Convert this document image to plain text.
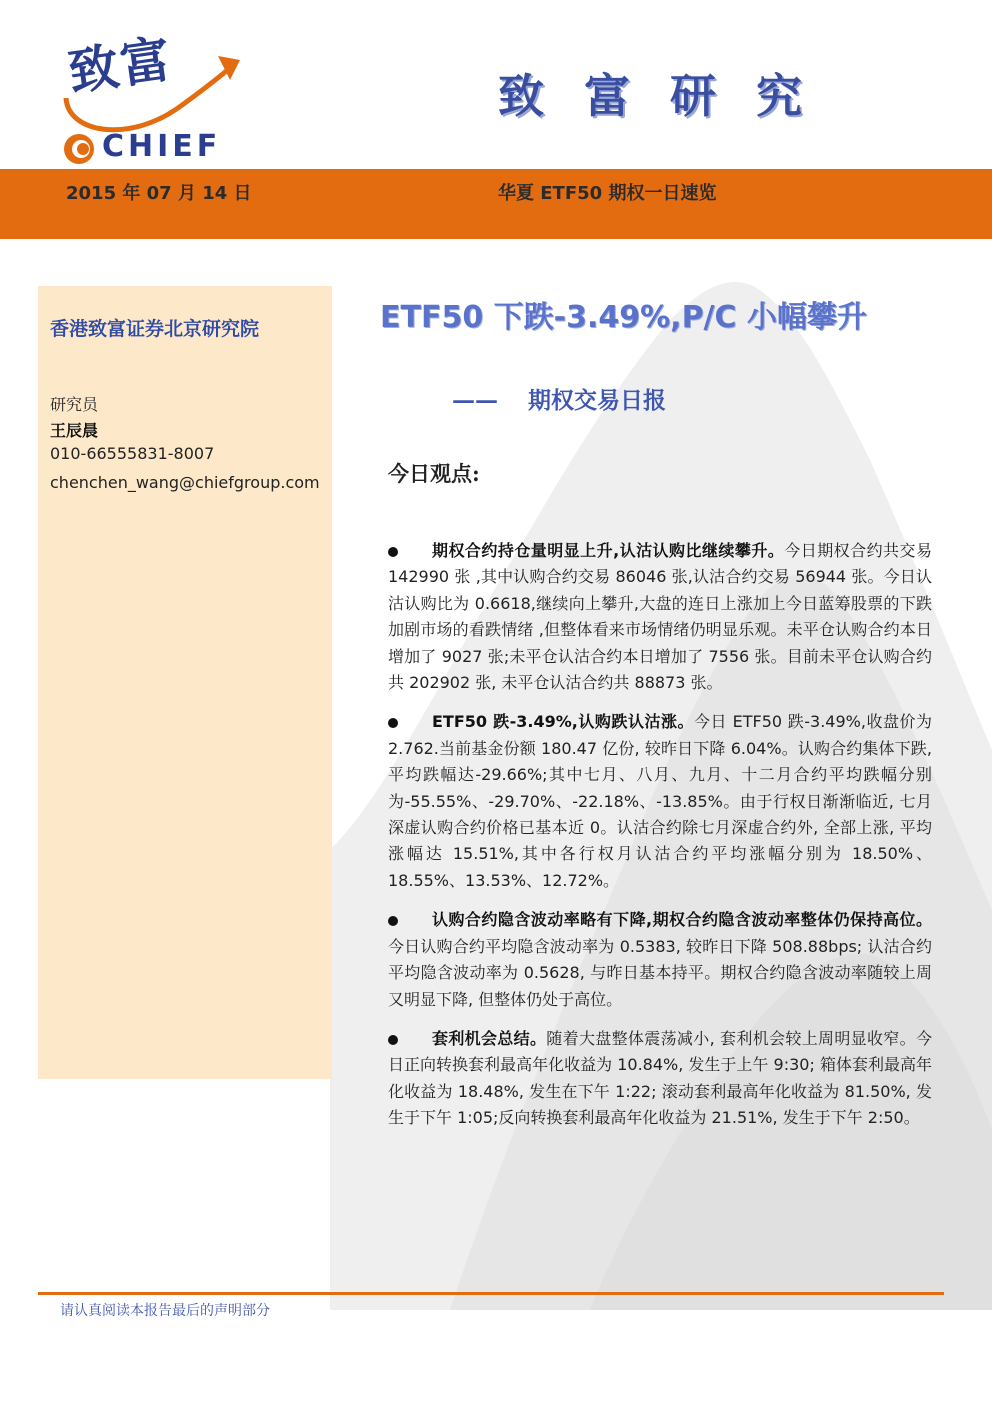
致富
CHIEF
致富研究
2015 年 07 月 14 日	华夏 ETF50 期权一日速览
香港致富证券北京研究院
研究员
王辰晨
010-66555831-8007
chenchen_wang@chiefgroup.com
ETF50 下跌-3.49%,P/C 小幅攀升
—— 期权交易日报
今日观点:
期权合约持仓量明显上升,认沽认购比继续攀升。今日期权合约共交易 142990 张 ,其中认购合约交易 86046 张,认沽合约交易 56944 张。今日认沽认购比为 0.6618,继续向上攀升,大盘的连日上涨加上今日蓝筹股票的下跌加剧市场的看跌情绪 ,但整体看来市场情绪仍明显乐观。未平仓认购合约本日增加了 9027 张;未平仓认沽合约本日增加了 7556 张。目前未平仓认购合约共 202902 张, 未平仓认沽合约共 88873 张。
ETF50 跌-3.49%,认购跌认沽涨。今日 ETF50 跌-3.49%,收盘价为 2.762.当前基金份额 180.47 亿份, 较昨日下降 6.04%。认购合约集体下跌,平均跌幅达-29.66%;其中七月、八月、九月、十二月合约平均跌幅分别为-55.55%、-29.70%、-22.18%、-13.85%。由于行权日渐渐临近, 七月深虚认购合约价格已基本近 0。认沽合约除七月深虚合约外, 全部上涨, 平均涨幅达 15.51%,其中各行权月认沽合约平均涨幅分别为 18.50%、18.55%、13.53%、12.72%。
认购合约隐含波动率略有下降,期权合约隐含波动率整体仍保持高位。今日认购合约平均隐含波动率为 0.5383, 较昨日下降 508.88bps; 认沽合约平均隐含波动率为 0.5628, 与昨日基本持平。期权合约隐含波动率随较上周又明显下降, 但整体仍处于高位。
套利机会总结。随着大盘整体震荡减小, 套利机会较上周明显收窄。今日正向转换套利最高年化收益为 10.84%, 发生于上午 9:30; 箱体套利最高年化收益为 18.48%, 发生在下午 1:22; 滚动套利最高年化收益为 81.50%, 发生于下午 1:05;反向转换套利最高年化收益为 21.51%, 发生于下午 2:50。
请认真阅读本报告最后的声明部分
